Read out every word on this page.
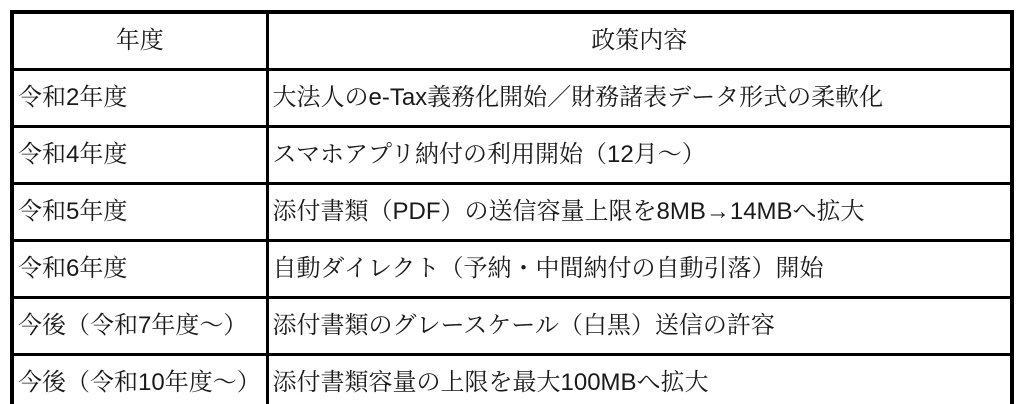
年度	政策内容
令和2年度	大法人のe-Tax義務化開始／財務諸表データ形式の柔軟化
令和4年度	スマホアプリ納付の利用開始（12月〜）
令和5年度	添付書類（PDF）の送信容量上限を8MB→14MBへ拡大
令和6年度	自動ダイレクト（予納・中間納付の自動引落）開始
今後（令和7年度〜）	添付書類のグレースケール（白黒）送信の許容
今後（令和10年度〜）	添付書類容量の上限を最大100MBへ拡大
